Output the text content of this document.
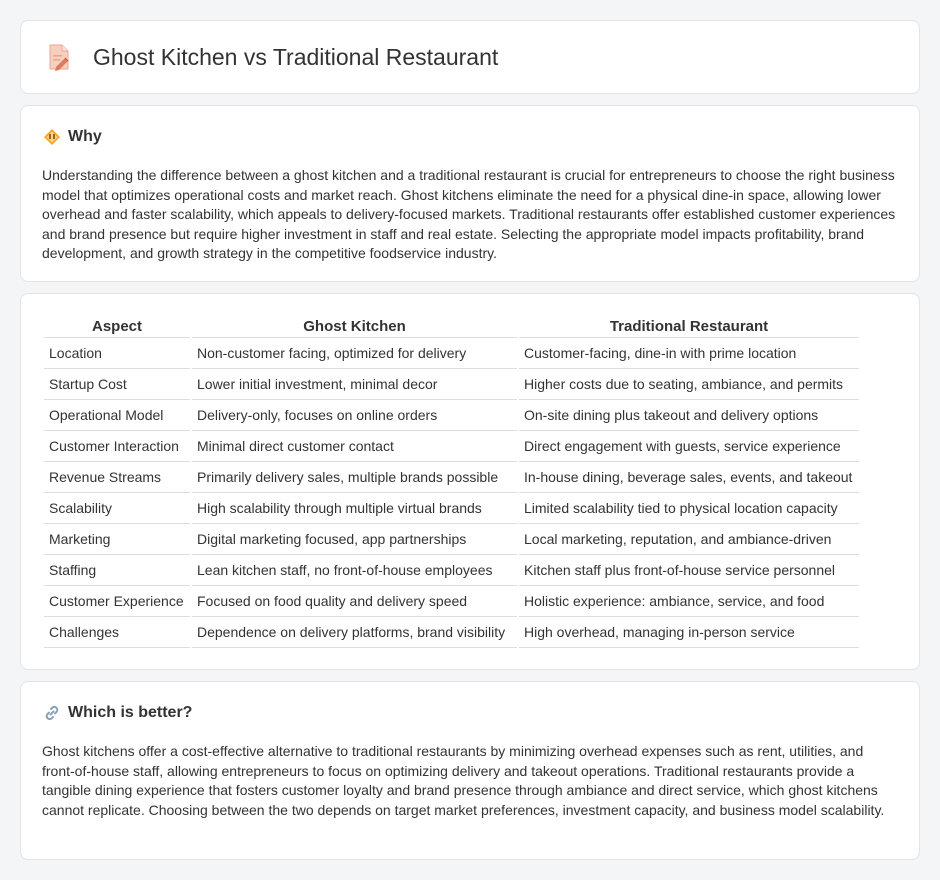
Ghost Kitchen vs Traditional Restaurant
Why

Understanding the difference between a ghost kitchen and a traditional restaurant is crucial for entrepreneurs to choose the right business model that optimizes operational costs and market reach. Ghost kitchens eliminate the need for a physical dine-in space, allowing lower overhead and faster scalability, which appeals to delivery-focused markets. Traditional restaurants offer established customer experiences and brand presence but require higher investment in staff and real estate. Selecting the appropriate model impacts profitability, brand development, and growth strategy in the competitive foodservice industry.

Aspect	Ghost Kitchen	Traditional Restaurant
Location	Non-customer facing, optimized for delivery	Customer-facing, dine-in with prime location
Startup Cost	Lower initial investment, minimal decor	Higher costs due to seating, ambiance, and permits
Operational Model	Delivery-only, focuses on online orders	On-site dining plus takeout and delivery options
Customer Interaction	Minimal direct customer contact	Direct engagement with guests, service experience
Revenue Streams	Primarily delivery sales, multiple brands possible	In-house dining, beverage sales, events, and takeout
Scalability	High scalability through multiple virtual brands	Limited scalability tied to physical location capacity
Marketing	Digital marketing focused, app partnerships	Local marketing, reputation, and ambiance-driven
Staffing	Lean kitchen staff, no front-of-house employees	Kitchen staff plus front-of-house service personnel
Customer Experience	Focused on food quality and delivery speed	Holistic experience: ambiance, service, and food
Challenges	Dependence on delivery platforms, brand visibility	High overhead, managing in-person service
Which is better?

Ghost kitchens offer a cost-effective alternative to traditional restaurants by minimizing overhead expenses such as rent, utilities, and front-of-house staff, allowing entrepreneurs to focus on optimizing delivery and takeout operations. Traditional restaurants provide a tangible dining experience that fosters customer loyalty and brand presence through ambiance and direct service, which ghost kitchens cannot replicate. Choosing between the two depends on target market preferences, investment capacity, and business model scalability.
